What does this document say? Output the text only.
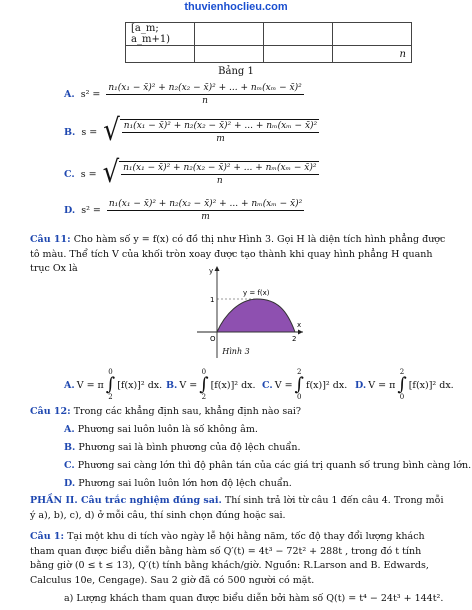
thuvienhoclieu.com
[a_m; a_m+1)			
			n
Bảng 1
A. $s^2 = \frac{\text{n₁(x₁ − x̄)² + n₂(x₂ − x̄)² + ... + nₘ(xₘ − x̄)²}}{n}$
B. s = √ $\frac{\text{n₁(x₁ − x̄)² + n₂(x₂ − x̄)² + ... + nₘ(xₘ − x̄)²}}{m}$
C. s = √ $\frac{\text{n₁(x₁ − x̄)² + n₂(x₂ − x̄)² + ... + nₘ(xₘ − x̄)²}}{n}$
D. $s^2 = \frac{\text{n₁(x₁ − x̄)² + n₂(x₂ − x̄)² + ... + nₘ(xₘ − x̄)²}}{m}$
Câu 11: Cho hàm số y = f(x) có đồ thị như Hình 3. Gọi H là diện tích hình phẳng được tô màu. Thể tích V của khối tròn xoay được tạo thành khi quay hình phẳng H quanh trục Ox là
1
2
O
y
x
y = f(x)
Hình 3
A. V = π
0
∫
2
[f(x)]² dx. B. V =
0
∫
2
[f(x)]² dx. C. V =
2
∫
0
f(x)]² dx. D. V = π
2
∫
0
[f(x)]² dx.
Câu 12: Trong các khẳng định sau, khẳng định nào sai?
A. Phương sai luôn luôn là số không âm.
B. Phương sai là bình phương của độ lệch chuẩn.
C. Phương sai càng lớn thì độ phân tán của các giá trị quanh số trung bình càng lớn.
D. Phương sai luôn luôn lớn hơn độ lệch chuẩn.
PHẦN II. Câu trắc nghiệm đúng sai. Thí sinh trả lời từ câu 1 đến câu 4. Trong mỗi ý a), b), c), d) ở mỗi câu, thí sinh chọn đúng hoặc sai.
Câu 1: Tại một khu di tích vào ngày lễ hội hằng năm, tốc độ thay đổi lượng khách tham quan được biểu diễn bằng hàm số Q′(t) = 4t³ − 72t² + 288t , trong đó t tính bằng giờ (0 ≤ t ≤ 13), Q′(t) tính bằng khách/giờ. Nguồn: R.Larson and B. Edwards, Calculus 10e, Cengage). Sau 2 giờ đã có 500 người có mặt.
a) Lượng khách tham quan được biểu diễn bởi hàm số Q(t) = t⁴ − 24t³ + 144t².
